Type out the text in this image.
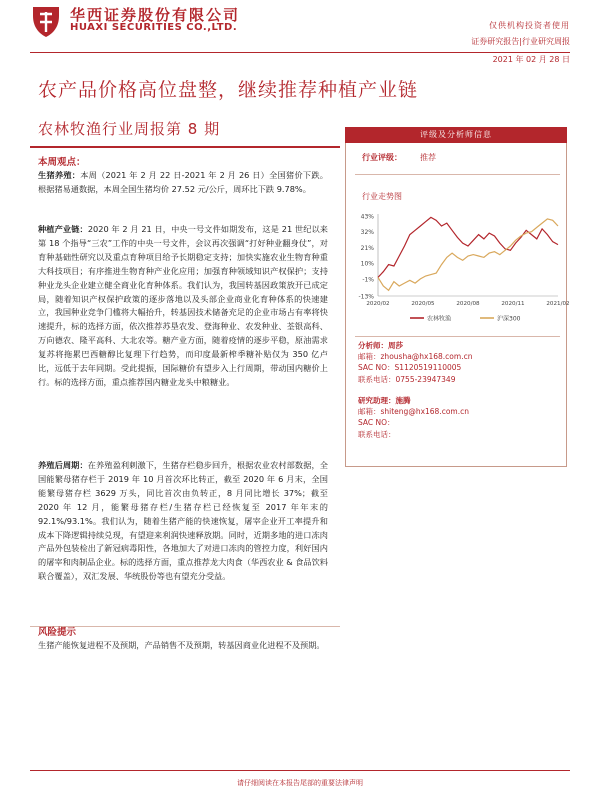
华西证券股份有限公司
HUAXI SECURITIES CO.,LTD.	仅供机构投资者使用
证券研究报告|行业研究周报
2021 年 02 月 28 日
农产品价格高位盘整，继续推荐种植产业链
农林牧渔行业周报第 8 期
本周观点：
生猪养殖：本周（2021 年 2 月 22 日-2021 年 2 月 26 日）全国猪价下跌。根据猪易通数据，本周全国生猪均价 27.52 元/公斤，周环比下跌 9.78%。
种植产业链：2020 年 2 月 21 日，中央一号文件如期发布，这是 21 世纪以来第 18 个指导“三农”工作的中央一号文件，会议再次强调“打好种业翻身仗”，对育种基础性研究以及重点育种项目给予长期稳定支持；加快实施农业生物育种重大科技项目；有序推进生物育种产业化应用；加强育种领域知识产权保护；支持种业龙头企业建立健全商业化育种体系。我们认为，我国转基因政策放开已成定局，随着知识产权保护政策的逐步落地以及头部企业商业化育种体系的快速建立，我国种业竞争门槛将大幅抬升，转基因技术储备充足的企业市场占有率将快速提升，标的选择方面，依次推荐苏垦农发、登海种业、农发种业、荃银高科、万向德农、隆平高科、大北农等。糖产业方面，随着疫情的逐步平稳，原油需求复苏将拖累巴西糖醇比复理下行趋势，而印度最新榨季糖补贴仅为 350 亿卢比，远低于去年同期。受此提振，国际糖价有望步入上行周期，带动国内糖价上行。标的选择方面，重点推荐国内糖业龙头中粮糖业。
养殖后周期：在养殖盈利刺激下，生猪存栏稳步回升，根据农业农村部数据，全国能繁母猪存栏于 2019 年 10 月首次环比转正，截至 2020 年 6 月末，全国能繁母猪存栏 3629 万头，同比首次由负转正，8 月同比增长 37%；截至 2020 年 12 月，能繁母猪存栏/生猪存栏已经恢复至 2017 年年末的 92.1%/93.1%。我们认为，随着生猪产能的快速恢复，屠宰企业开工率提升和成本下降逻辑持续兑现，有望迎来利润快速释放期。同时，近期多地的进口冻肉产品外包装检出了新冠病毒阳性，各地加大了对进口冻肉的管控力度，利好国内的屠宰和肉制品企业。标的选择方面，重点推荐龙大肉食（华西农业 & 食品饮料联合覆盖），双汇发展、华统股份等也有望充分受益。
风险提示
生猪产能恢复进程不及预期，产品销售不及预期，转基因商业化进程不及预期。
评级及分析师信息
行业评级： 推荐
行业走势图
43%
32%
21%
10%
-1%
-13%
2020/02	2020/05	2020/08	2020/11	2021/02
农林牧渔	沪深300
分析师：周莎
邮箱：zhousha@hx168.com.cn
SAC NO：S1120519110005
联系电话：0755-23947349
研究助理：施腾
邮箱：shiteng@hx168.com.cn
SAC NO：
联系电话：
请仔细阅读在本报告尾部的重要法律声明
